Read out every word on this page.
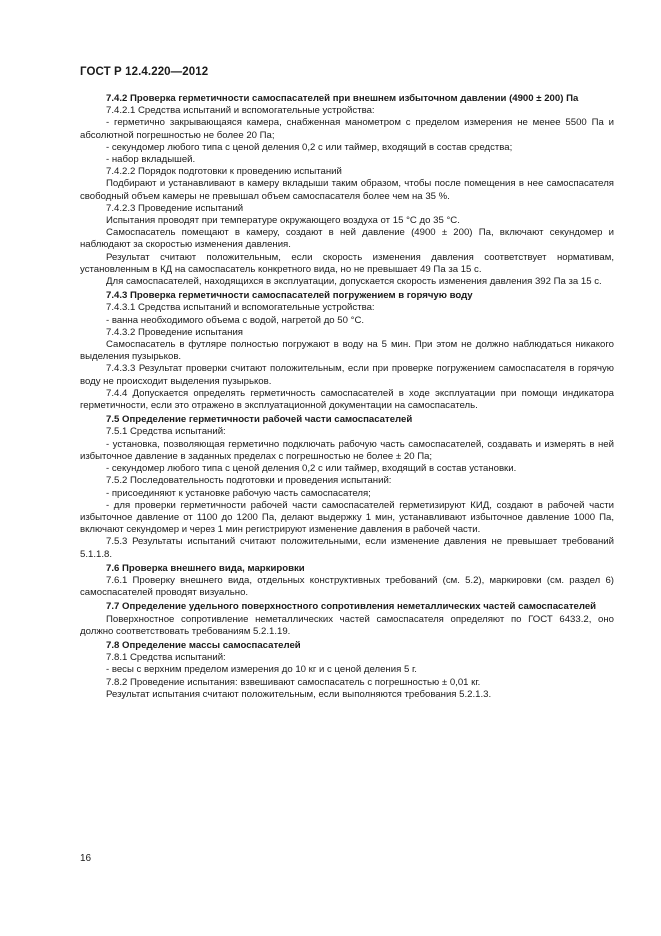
ГОСТ Р 12.4.220—2012

7.4.2 Проверка герметичности самоспасателей при внешнем избыточном давлении (4900 ± 200) Па

7.4.2.1 Средства испытаний и вспомогательные устройства:

- герметично закрывающаяся камера, снабженная манометром с пределом измерения не менее 5500 Па и абсолютной погрешностью не более 20 Па;

- секундомер любого типа с ценой деления 0,2 с или таймер, входящий в состав средства;

- набор вкладышей.

7.4.2.2 Порядок подготовки к проведению испытаний

Подбирают и устанавливают в камеру вкладыши таким образом, чтобы после помещения в нее самоспасателя свободный объем камеры не превышал объем самоспасателя более чем на 35 %.

7.4.2.3 Проведение испытаний

Испытания проводят при температуре окружающего воздуха от 15 °С до 35 °С.

Самоспасатель помещают в камеру, создают в ней давление (4900 ± 200) Па, включают секундомер и наблюдают за скоростью изменения давления.

Результат считают положительным, если скорость изменения давления соответствует нормативам, установленным в КД на самоспасатель конкретного вида, но не превышает 49 Па за 15 с.

Для самоспасателей, находящихся в эксплуатации, допускается скорость изменения давления 392 Па за 15 с.

7.4.3 Проверка герметичности самоспасателей погружением в горячую воду

7.4.3.1 Средства испытаний и вспомогательные устройства:

- ванна необходимого объема с водой, нагретой до 50 °С.

7.4.3.2 Проведение испытания

Самоспасатель в футляре полностью погружают в воду на 5 мин. При этом не должно наблюдаться никакого выделения пузырьков.

7.4.3.3 Результат проверки считают положительным, если при проверке погружением самоспасателя в горячую воду не происходит выделения пузырьков.

7.4.4 Допускается определять герметичность самоспасателей в ходе эксплуатации при помощи индикатора герметичности, если это отражено в эксплуатационной документации на самоспасатель.

7.5 Определение герметичности рабочей части самоспасателей

7.5.1 Средства испытаний:

- установка, позволяющая герметично подключать рабочую часть самоспасателей, создавать и измерять в ней избыточное давление в заданных пределах с погрешностью не более ± 20 Па;

- секундомер любого типа с ценой деления 0,2 с или таймер, входящий в состав установки.

7.5.2 Последовательность подготовки и проведения испытаний:

- присоединяют к установке рабочую часть самоспасателя;

- для проверки герметичности рабочей части самоспасателей герметизируют КИД, создают в рабочей части избыточное давление от 1100 до 1200 Па, делают выдержку 1 мин, устанавливают избыточное давление 1000 Па, включают секундомер и через 1 мин регистрируют изменение давления в рабочей части.

7.5.3 Результаты испытаний считают положительными, если изменение давления не превышает требований 5.1.1.8.

7.6 Проверка внешнего вида, маркировки

7.6.1 Проверку внешнего вида, отдельных конструктивных требований (см. 5.2), маркировки (см. раздел 6) самоспасателей проводят визуально.

7.7 Определение удельного поверхностного сопротивления неметаллических частей самоспасателей

Поверхностное сопротивление неметаллических частей самоспасателя определяют по ГОСТ 6433.2, оно должно соответствовать требованиям 5.2.1.19.

7.8 Определение массы самоспасателей

7.8.1 Средства испытаний:

- весы с верхним пределом измерения до 10 кг и с ценой деления 5 г.

7.8.2 Проведение испытания: взвешивают самоспасатель с погрешностью ± 0,01 кг.

Результат испытания считают положительным, если выполняются требования 5.2.1.3.

16
